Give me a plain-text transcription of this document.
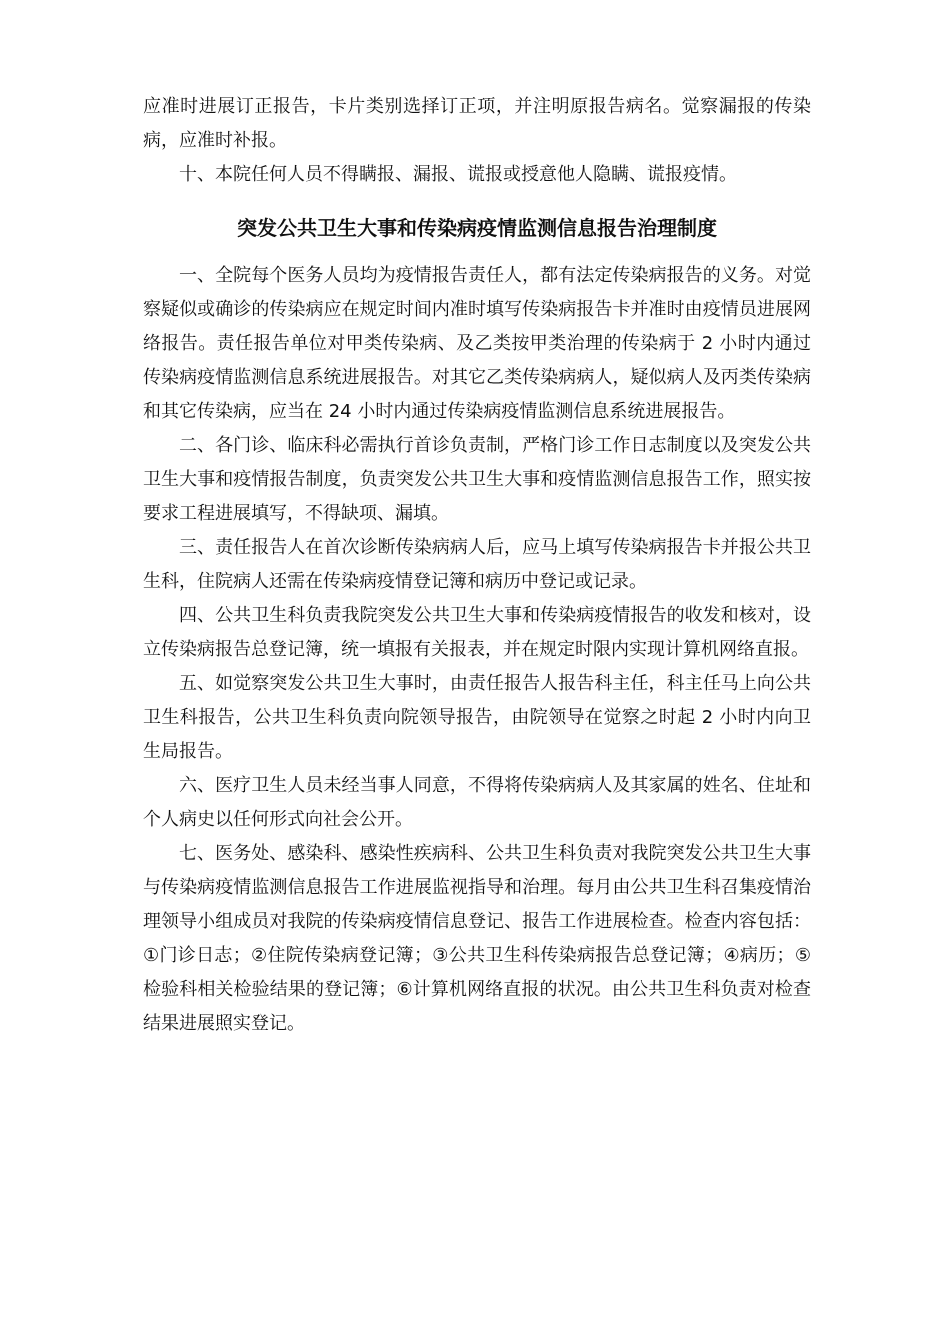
应准时进展订正报告，卡片类别选择订正项，并注明原报告病名。觉察漏报的传染病，应准时补报。

十、本院任何人员不得瞒报、漏报、谎报或授意他人隐瞒、谎报疫情。

突发公共卫生大事和传染病疫情监测信息报告治理制度

一、全院每个医务人员均为疫情报告责任人，都有法定传染病报告的义务。对觉察疑似或确诊的传染病应在规定时间内准时填写传染病报告卡并准时由疫情员进展网络报告。责任报告单位对甲类传染病、及乙类按甲类治理的传染病于 2 小时内通过传染病疫情监测信息系统进展报告。对其它乙类传染病病人，疑似病人及丙类传染病和其它传染病，应当在 24 小时内通过传染病疫情监测信息系统进展报告。

二、各门诊、临床科必需执行首诊负责制，严格门诊工作日志制度以及突发公共卫生大事和疫情报告制度，负责突发公共卫生大事和疫情监测信息报告工作，照实按要求工程进展填写，不得缺项、漏填。

三、责任报告人在首次诊断传染病病人后，应马上填写传染病报告卡并报公共卫生科，住院病人还需在传染病疫情登记簿和病历中登记或记录。

四、公共卫生科负责我院突发公共卫生大事和传染病疫情报告的收发和核对，设立传染病报告总登记簿，统一填报有关报表，并在规定时限内实现计算机网络直报。

五、如觉察突发公共卫生大事时，由责任报告人报告科主任，科主任马上向公共卫生科报告，公共卫生科负责向院领导报告，由院领导在觉察之时起 2 小时内向卫生局报告。

六、医疗卫生人员未经当事人同意，不得将传染病病人及其家属的姓名、住址和个人病史以任何形式向社会公开。

七、医务处、感染科、感染性疾病科、公共卫生科负责对我院突发公共卫生大事与传染病疫情监测信息报告工作进展监视指导和治理。每月由公共卫生科召集疫情治理领导小组成员对我院的传染病疫情信息登记、报告工作进展检查。检查内容包括：①门诊日志；②住院传染病登记簿；③公共卫生科传染病报告总登记簿；④病历；⑤检验科相关检验结果的登记簿；⑥计算机网络直报的状况。由公共卫生科负责对检查结果进展照实登记。
